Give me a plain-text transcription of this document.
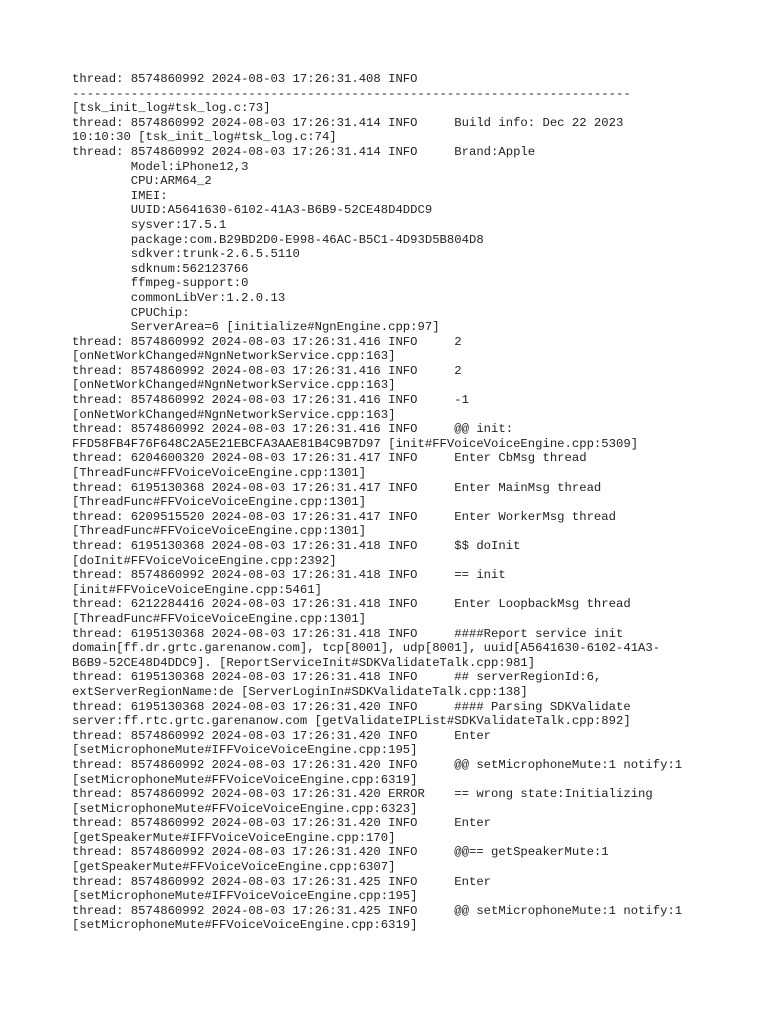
thread: 8574860992 2024-08-03 17:26:31.408 INFO
----------------------------------------------------------------------------
[tsk_init_log#tsk_log.c:73]
thread: 8574860992 2024-08-03 17:26:31.414 INFO     Build info: Dec 22 2023
10:10:30 [tsk_init_log#tsk_log.c:74]
thread: 8574860992 2024-08-03 17:26:31.414 INFO     Brand:Apple
Model:iPhone12,3
CPU:ARM64_2
IMEI:
UUID:A5641630-6102-41A3-B6B9-52CE48D4DDC9
sysver:17.5.1
package:com.B29BD2D0-E998-46AC-B5C1-4D93D5B804D8
sdkver:trunk-2.6.5.5110
sdknum:562123766
ffmpeg-support:0
commonLibVer:1.2.0.13
CPUChip:
ServerArea=6 [initialize#NgnEngine.cpp:97]
thread: 8574860992 2024-08-03 17:26:31.416 INFO     2
[onNetWorkChanged#NgnNetworkService.cpp:163]
thread: 8574860992 2024-08-03 17:26:31.416 INFO     2
[onNetWorkChanged#NgnNetworkService.cpp:163]
thread: 8574860992 2024-08-03 17:26:31.416 INFO     -1
[onNetWorkChanged#NgnNetworkService.cpp:163]
thread: 8574860992 2024-08-03 17:26:31.416 INFO     @@ init:
FFD58FB4F76F648C2A5E21EBCFA3AAE81B4C9B7D97 [init#FFVoiceVoiceEngine.cpp:5309]
thread: 6204600320 2024-08-03 17:26:31.417 INFO     Enter CbMsg thread
[ThreadFunc#FFVoiceVoiceEngine.cpp:1301]
thread: 6195130368 2024-08-03 17:26:31.417 INFO     Enter MainMsg thread
[ThreadFunc#FFVoiceVoiceEngine.cpp:1301]
thread: 6209515520 2024-08-03 17:26:31.417 INFO     Enter WorkerMsg thread
[ThreadFunc#FFVoiceVoiceEngine.cpp:1301]
thread: 6195130368 2024-08-03 17:26:31.418 INFO     $$ doInit
[doInit#FFVoiceVoiceEngine.cpp:2392]
thread: 8574860992 2024-08-03 17:26:31.418 INFO     == init
[init#FFVoiceVoiceEngine.cpp:5461]
thread: 6212284416 2024-08-03 17:26:31.418 INFO     Enter LoopbackMsg thread
[ThreadFunc#FFVoiceVoiceEngine.cpp:1301]
thread: 6195130368 2024-08-03 17:26:31.418 INFO     ####Report service init
domain[ff.dr.grtc.garenanow.com], tcp[8001], udp[8001], uuid[A5641630-6102-41A3-
B6B9-52CE48D4DDC9]. [ReportServiceInit#SDKValidateTalk.cpp:981]
thread: 6195130368 2024-08-03 17:26:31.418 INFO     ## serverRegionId:6,
extServerRegionName:de [ServerLoginIn#SDKValidateTalk.cpp:138]
thread: 6195130368 2024-08-03 17:26:31.420 INFO     #### Parsing SDKValidate
server:ff.rtc.grtc.garenanow.com [getValidateIPList#SDKValidateTalk.cpp:892]
thread: 8574860992 2024-08-03 17:26:31.420 INFO     Enter
[setMicrophoneMute#IFFVoiceVoiceEngine.cpp:195]
thread: 8574860992 2024-08-03 17:26:31.420 INFO     @@ setMicrophoneMute:1 notify:1
[setMicrophoneMute#FFVoiceVoiceEngine.cpp:6319]
thread: 8574860992 2024-08-03 17:26:31.420 ERROR    == wrong state:Initializing
[setMicrophoneMute#FFVoiceVoiceEngine.cpp:6323]
thread: 8574860992 2024-08-03 17:26:31.420 INFO     Enter
[getSpeakerMute#IFFVoiceVoiceEngine.cpp:170]
thread: 8574860992 2024-08-03 17:26:31.420 INFO     @@== getSpeakerMute:1
[getSpeakerMute#FFVoiceVoiceEngine.cpp:6307]
thread: 8574860992 2024-08-03 17:26:31.425 INFO     Enter
[setMicrophoneMute#IFFVoiceVoiceEngine.cpp:195]
thread: 8574860992 2024-08-03 17:26:31.425 INFO     @@ setMicrophoneMute:1 notify:1
[setMicrophoneMute#FFVoiceVoiceEngine.cpp:6319]
